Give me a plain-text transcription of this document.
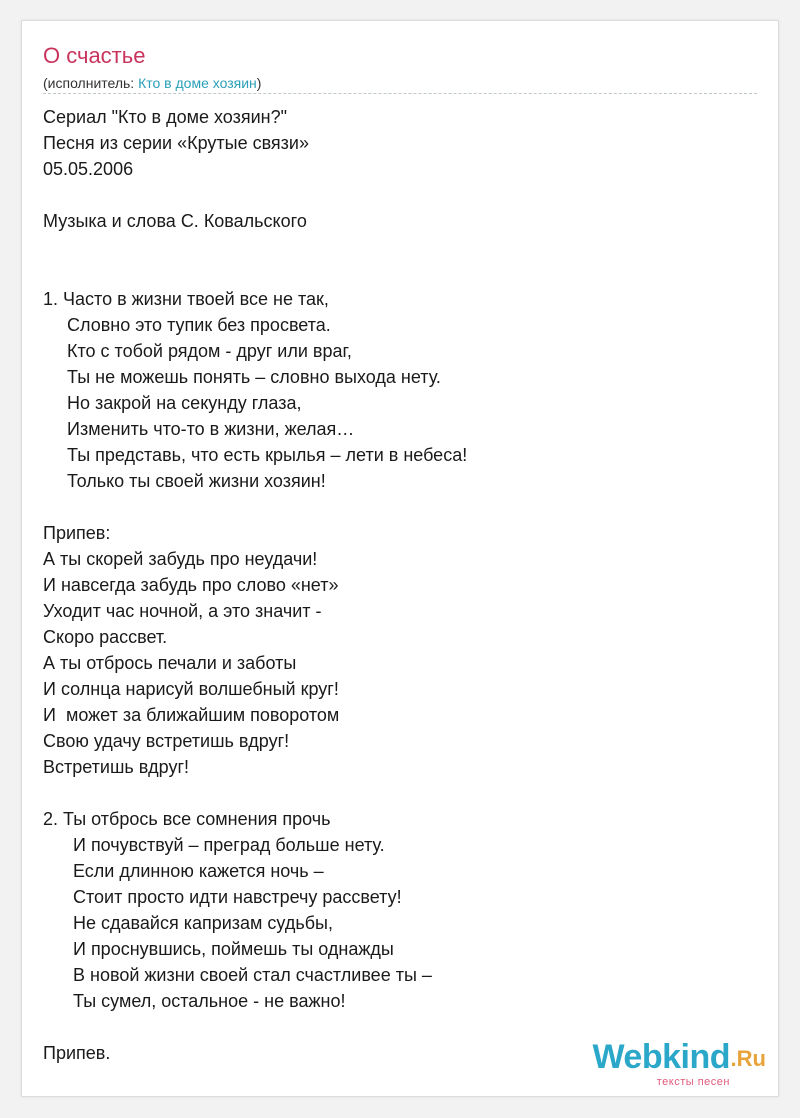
О счастье
(исполнитель: Кто в доме хозяин)
Сериал "Кто в доме хозяин?"
Песня из серии «Крутые связи»
05.05.2006
Музыка и слова С. Ковальского
1. Часто в жизни твоей все не так,
Словно это тупик без просвета.
Кто с тобой рядом - друг или враг,
Ты не можешь понять – словно выхода нету.
Но закрой на секунду глаза,
Изменить что-то в жизни, желая…
Ты представь, что есть крылья – лети в небеса!
Только ты своей жизни хозяин!
Припев:
А ты скорей забудь про неудачи!
И навсегда забудь про слово «нет»
Уходит час ночной, а это значит -
Скоро рассвет.
А ты отбрось печали и заботы
И солнца нарисуй волшебный круг!
И  может за ближайшим поворотом
Свою удачу встретишь вдруг!
Встретишь вдруг!
2. Ты отбрось все сомнения прочь
И почувствуй – преград больше нету.
Если длинною кажется ночь –
Стоит просто идти навстречу рассвету!
Не сдавайся капризам судьбы,
И проснувшись, поймешь ты однажды
В новой жизни своей стал счастливее ты –
Ты сумел, остальное - не важно!
Припев.	Webkind .Ru
тексты песен
